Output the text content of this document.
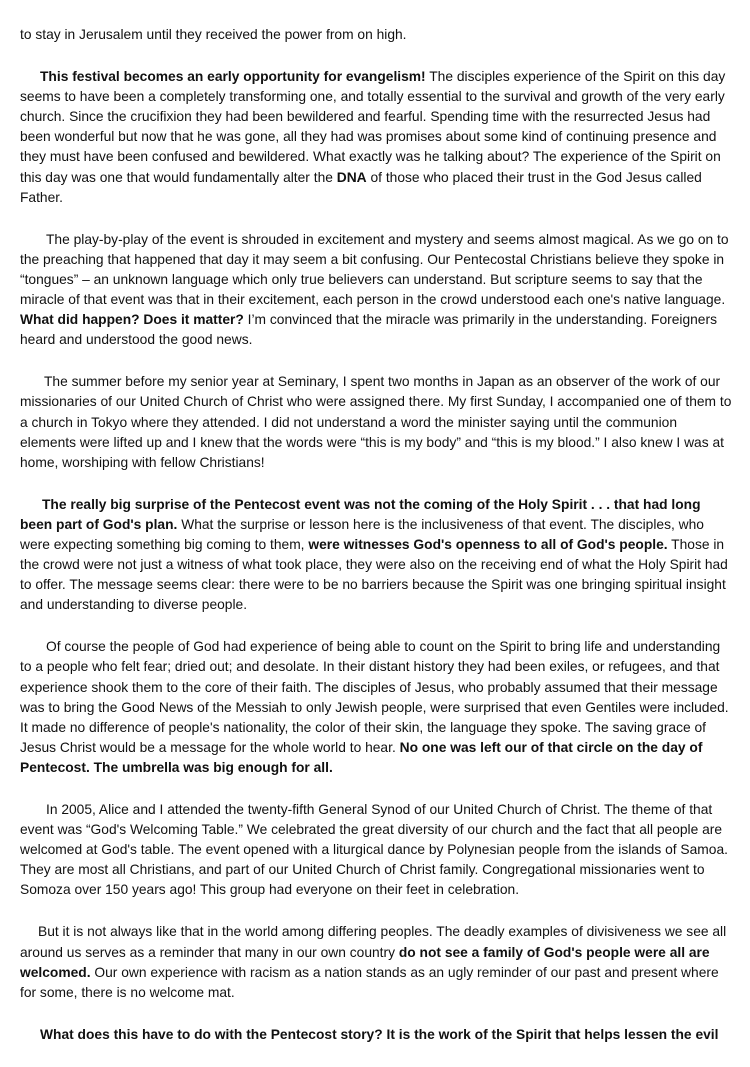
to stay in Jerusalem until they received the power from on high.

This festival becomes an early opportunity for evangelism! The disciples experience of the Spirit on this day seems to have been a completely transforming one, and totally essential to the survival and growth of the very early church. Since the crucifixion they had been bewildered and fearful. Spending time with the resurrected Jesus had been wonderful but now that he was gone, all they had was promises about some kind of continuing presence and they must have been confused and bewildered. What exactly was he talking about? The experience of the Spirit on this day was one that would fundamentally alter the DNA of those who placed their trust in the God Jesus called Father.

The play-by-play of the event is shrouded in excitement and mystery and seems almost magical. As we go on to the preaching that happened that day it may seem a bit confusing. Our Pentecostal Christians believe they spoke in “tongues” – an unknown language which only true believers can understand. But scripture seems to say that the miracle of that event was that in their excitement, each person in the crowd understood each one's native language. What did happen? Does it matter? I’m convinced that the miracle was primarily in the understanding. Foreigners heard and understood the good news.

The summer before my senior year at Seminary, I spent two months in Japan as an observer of the work of our missionaries of our United Church of Christ who were assigned there. My first Sunday, I accompanied one of them to a church in Tokyo where they attended. I did not understand a word the minister saying until the communion elements were lifted up and I knew that the words were “this is my body” and “this is my blood.” I also knew I was at home, worshiping with fellow Christians!

The really big surprise of the Pentecost event was not the coming of the Holy Spirit . . . that had long been part of God's plan. What the surprise or lesson here is the inclusiveness of that event. The disciples, who were expecting something big coming to them, were witnesses God's openness to all of God's people. Those in the crowd were not just a witness of what took place, they were also on the receiving end of what the Holy Spirit had to offer. The message seems clear: there were to be no barriers because the Spirit was one bringing spiritual insight and understanding to diverse people.

Of course the people of God had experience of being able to count on the Spirit to bring life and understanding to a people who felt fear; dried out; and desolate. In their distant history they had been exiles, or refugees, and that experience shook them to the core of their faith. The disciples of Jesus, who probably assumed that their message was to bring the Good News of the Messiah to only Jewish people, were surprised that even Gentiles were included. It made no difference of people's nationality, the color of their skin, the language they spoke. The saving grace of Jesus Christ would be a message for the whole world to hear. No one was left our of that circle on the day of Pentecost. The umbrella was big enough for all.

In 2005, Alice and I attended the twenty-fifth General Synod of our United Church of Christ. The theme of that event was “God's Welcoming Table.” We celebrated the great diversity of our church and the fact that all people are welcomed at God's table. The event opened with a liturgical dance by Polynesian people from the islands of Samoa. They are most all Christians, and part of our United Church of Christ family. Congregational missionaries went to Somoza over 150 years ago! This group had everyone on their feet in celebration.

But it is not always like that in the world among differing peoples. The deadly examples of divisiveness we see all around us serves as a reminder that many in our own country do not see a family of God's people were all are welcomed. Our own experience with racism as a nation stands as an ugly reminder of our past and present where for some, there is no welcome mat.

What does this have to do with the Pentecost story? It is the work of the Spirit that helps lessen the evil
